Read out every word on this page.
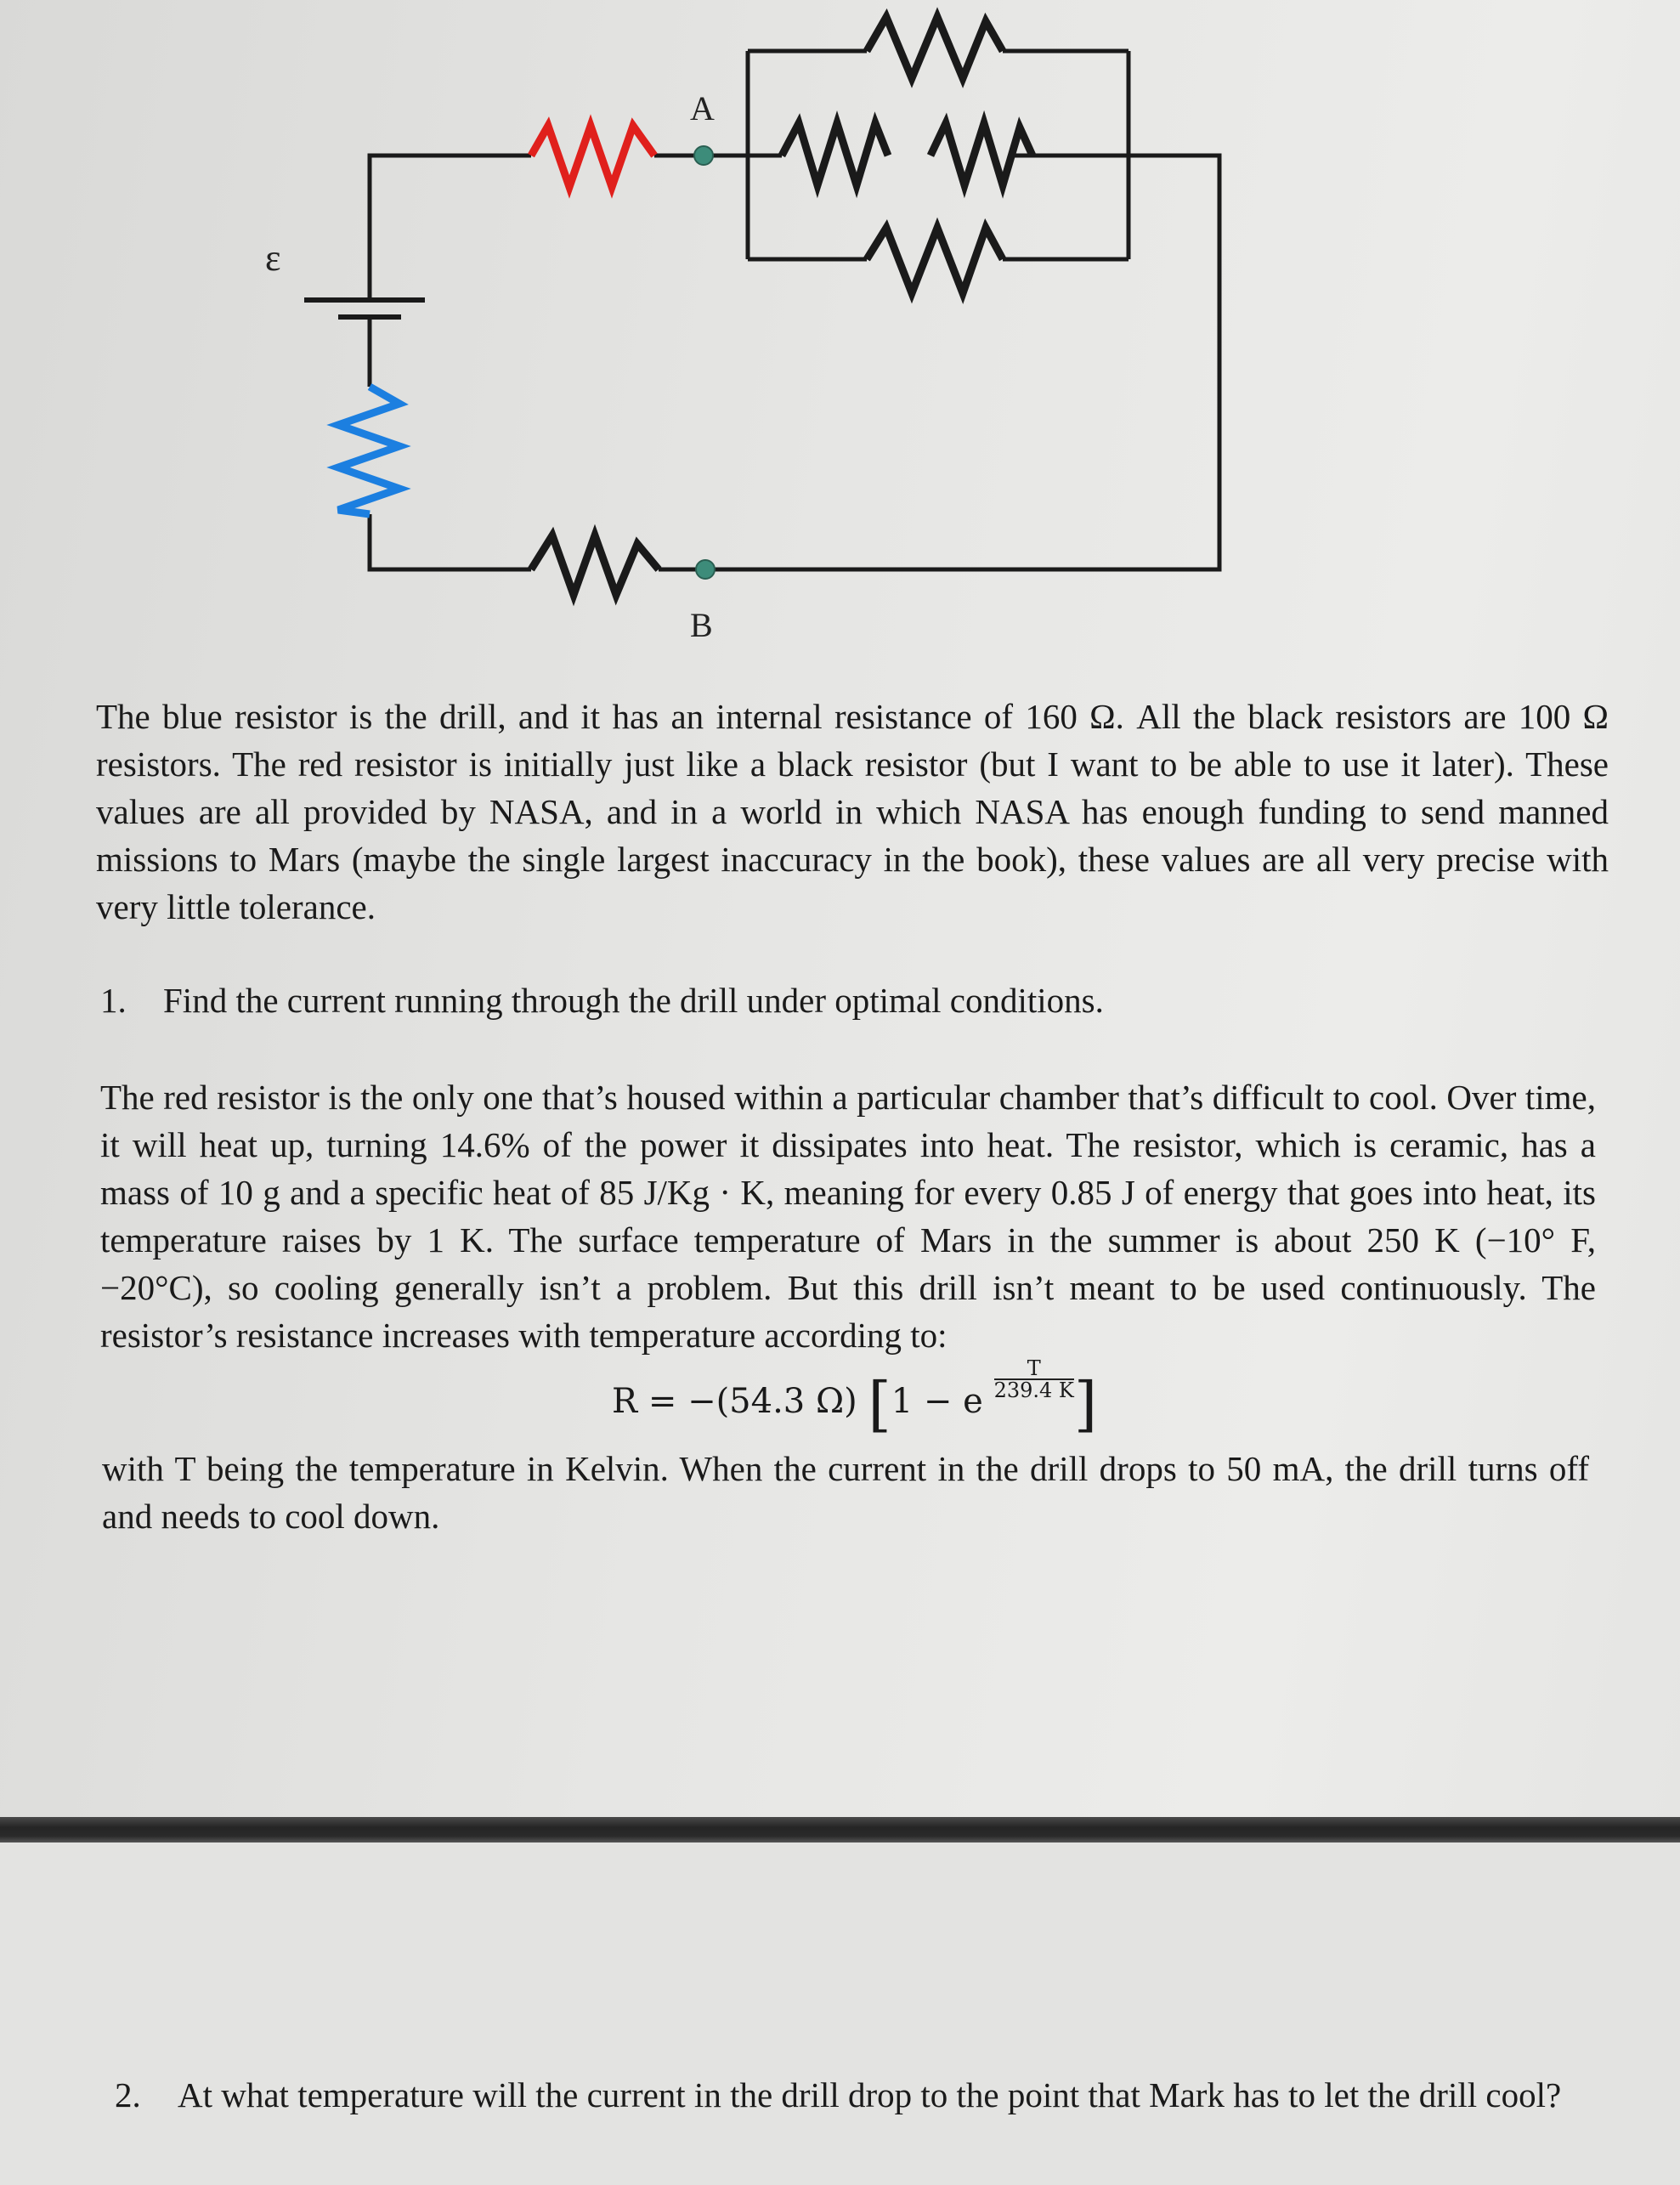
ε
A
B

The blue resistor is the drill, and it has an internal resistance of 160 Ω. All the black resistors are 100 Ω resistors. The red resistor is initially just like a black resistor (but I want to be able to use it later). These values are all provided by NASA, and in a world in which NASA has enough funding to send manned missions to Mars (maybe the single largest inaccuracy in the book), these values are all very precise with very little tolerance.

1. Find the current running through the drill under optimal conditions.

The red resistor is the only one that’s housed within a particular chamber that’s difficult to cool. Over time, it will heat up, turning 14.6% of the power it dissipates into heat. The resistor, which is ceramic, has a mass of 10 g and a specific heat of 85 J/Kg · K, meaning for every 0.85 J of energy that goes into heat, its temperature raises by 1 K. The surface temperature of Mars in the summer is about 250 K (−10° F, −20°C), so cooling generally isn’t a problem. But this drill isn’t meant to be used continuously. The resistor’s resistance increases with temperature according to:

R = −(54.3 Ω) [1 − e
$\frac{T}{239.4 K}$]

with T being the temperature in Kelvin. When the current in the drill drops to 50 mA, the drill turns off and needs to cool down.

2. At what temperature will the current in the drill drop to the point that Mark has to let the drill cool?
